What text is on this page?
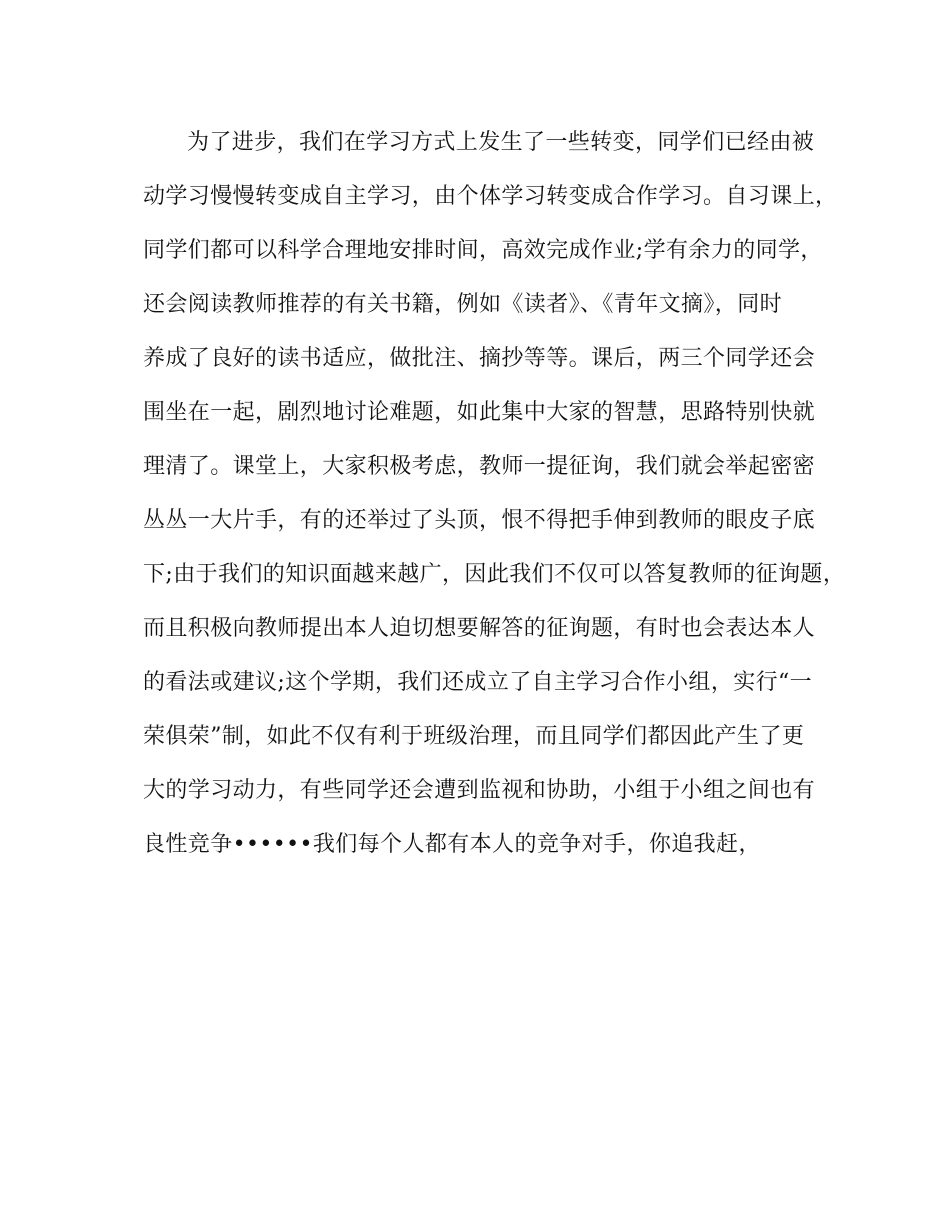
为了进步，我们在学习方式上发生了一些转变，同学们已经由被
动学习慢慢转变成自主学习，由个体学习转变成合作学习。自习课上，
同学们都可以科学合理地安排时间，高效完成作业;学有余力的同学，
还会阅读教师推荐的有关书籍，例如《读者》、《青年文摘》，同时
养成了良好的读书适应，做批注、摘抄等等。课后，两三个同学还会
围坐在一起，剧烈地讨论难题，如此集中大家的智慧，思路特别快就
理清了。课堂上，大家积极考虑，教师一提征询，我们就会举起密密
丛丛一大片手，有的还举过了头顶，恨不得把手伸到教师的眼皮子底
下;由于我们的知识面越来越广，因此我们不仅可以答复教师的征询题，
而且积极向教师提出本人迫切想要解答的征询题，有时也会表达本人
的看法或建议;这个学期，我们还成立了自主学习合作小组，实行“一
荣俱荣”制，如此不仅有利于班级治理，而且同学们都因此产生了更
大的学习动力，有些同学还会遭到监视和协助，小组于小组之间也有
良性竞争••••••我们每个人都有本人的竞争对手，你追我赶，
